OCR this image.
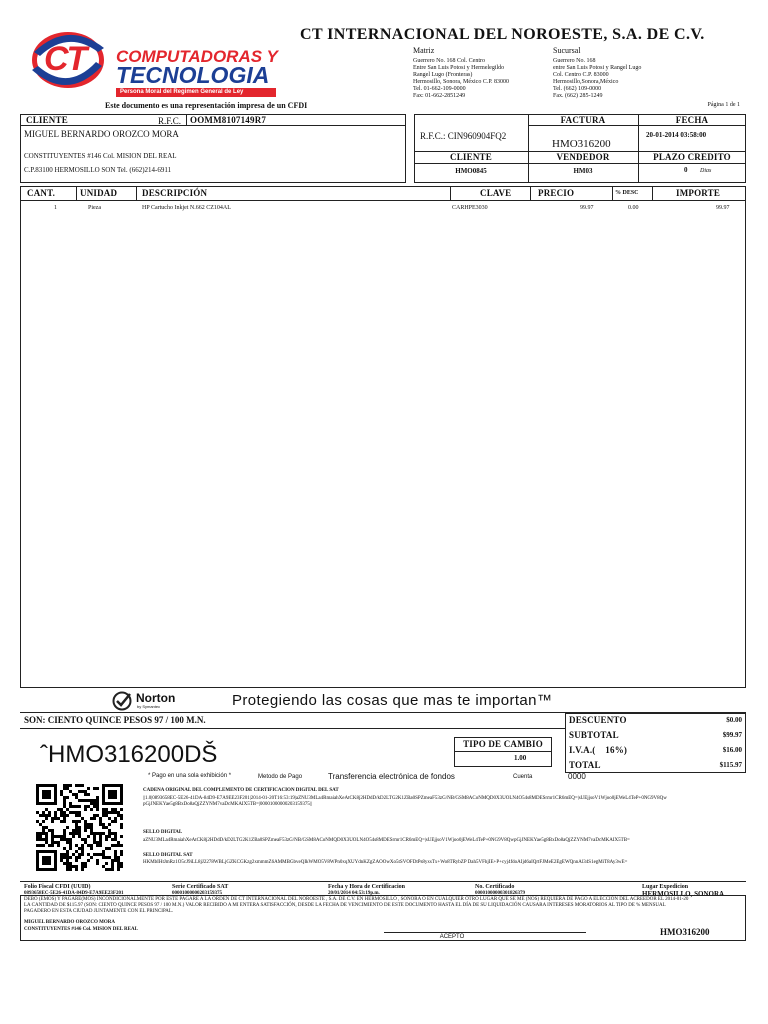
CT COMPUTADORAS Y
TECNOLOGIA
Persona Moral del Regimen General de Ley
CT INTERNACIONAL DEL NOROESTE, S.A. DE C.V.
Matriz
Guerrero No. 168 Col. Centro
Entre San Luis Potosi y Hermelegildo
Rangel Lugo (Fronteras)
Hermosillo, Sonora, México C.P. 83000
Tel. 01-662-109-0000
Fax: 01-662-2851249
Sucursal
Guerrero No. 168
entre San Luis Potosi y Rangel Lugo
Col. Centro C.P. 83000
Hermosillo,Sonora,México
Tel. (662) 109-0000
Fax. (662) 285-1249
Página 1 de 1
Este documento es una representación impresa de un CFDI
CLIENTE	R.F.C. OOMM8107149R7
MIGUEL BERNARDO OROZCO MORA
CONSTITUYENTES #146 Col. MISION DEL REAL
C.P.83100 HERMOSILLO SON Tel. (662)214-6911
R.F.C.: CIN960904FQ2
FACTURA
HMO316200
FECHA
20-01-2014 03:58:00
CLIENTE
HMO0845
VENDEDOR
HM03
PLAZO CREDITO
0 Dias
CANT.	UNIDAD	DESCRIPCIÓN	CLAVE	PRECIO	% DESC	IMPORTE
1	Pieza	HP Cartucho Inkjet N.662 CZ104AL	CARHPE3030	99.97	0.00	99.97
Norton
by Symantec	Protegiendo las cosas que mas te importan™
SON: CIENTO QUINCE PESOS 97 / 100 M.N.	DESCUENTO	$0.00
SUBTOTAL	$99.97
I.V.A.(    16%)	$16.00
TOTAL	$115.97
ˆHMO316200DŠ	TIPO DE CAMBIO
1.00
* Pago en una sola exhibición *	Metodo de Pago	Transferencia electrónica de fondos	Cuenta	0000
CADENA ORIGINAL DEL COMPLEMENTO DE CERTIFICACION DIGITAL DEL SAT
||1.0|0893658EC-5E26-41DA-84D9-E7A9EE23F201|2014-01-20T16:53:19|aZNU3MLa4RmaiahXeAtCK8j2HDdD/kD2LTG2K1ZBa0SPZmeaF53zG/NB/GSM8ACoNMQD0X3UOLN4O54s8MDESrmr1CR6mEQ=|sUEjjsoV1Wjoo0jEWeL4TeP+0NG9V8QwpGjJNEKYae5g8BxDo8aQjZZYNM7vaDcMKAIX5TB=|00001000000203159375||
SELLO DIGITAL
aZNU3MLa4RmaiahXeAtCK8j2HDdD/kD2LTG2K1ZBa0SPZmeaF53zG/NB/GSM8ACoNMQD0X3UOLN4O54s8MDESrmr1CR6mEQ=|sUEjjsoV1Wjoo0jEWeL4TeP+0NG9V8QwpGjJNEKYae5g8BxDo8aQjZZYNM7vaDcMKAIX5TB=
SELLO DIGITAL SAT
HKMbIHtJmRz1O5cJ9iLL8jJ2278WBLjGZKCGKzg2xmmmZ6AMMBGbveQIkWMO5V8WPn0xqXUYdnKZgZAOOwXo5tSVOFDtPs8yxsTx+Wo8TRybZP Dah5VFhjIE+P+cyj4fdoAIjd6aIQrtFJMeE2EgEWQnnAl34S1egMiT8Ay3wE=
Folio Fiscal CFDI (UUID)
0893658EC-5E26-41DA-84D9-E7A9EE23F201
Serie Certificado SAT
00001000000203159375
Fecha y Hora de Certificacion
20/01/2014 04:53:19p.m.
No. Certificado
00001000000301826379
Lugar Expedicion
HERMOSILLO, SONORA
DEBO (EMOS) Y PAGARE(MOS) INCONDICIONALMENTE POR ESTE PAGARE A LA ORDEN DE CT INTERNACIONAL DEL NOROESTE , S.A. DE C.V. EN HERMOSILLO , SONORA O EN CUALQUIER OTRO LUGAR QUE SE ME (NOS) REQUIERA DE PAGO A ELECCIÓN DEL ACREEDOR EL 2014-01-20 LA CANTIDAD DE $115.97 (SON: CIENTO QUINCE PESOS 97 / 100 M.N.) VALOR RECIBIDO A MI ENTERA SATISFACCIÓN, DESDE LA FECHA DE VENCIMIENTO DE ESTE DOCUMENTO HASTA EL DÍA DE SU LIQUIDACIÓN CAUSARA INTERESES MORATORIOS AL TIPO DE % MENSUAL PAGADERO EN ESTA CIUDAD JUNTAMENTE CON EL PRINCIPAL.
MIGUEL BERNARDO OROZCO MORA
CONSTITUYENTES #146 Col. MISION DEL REAL
ACEPTO	HMO316200
